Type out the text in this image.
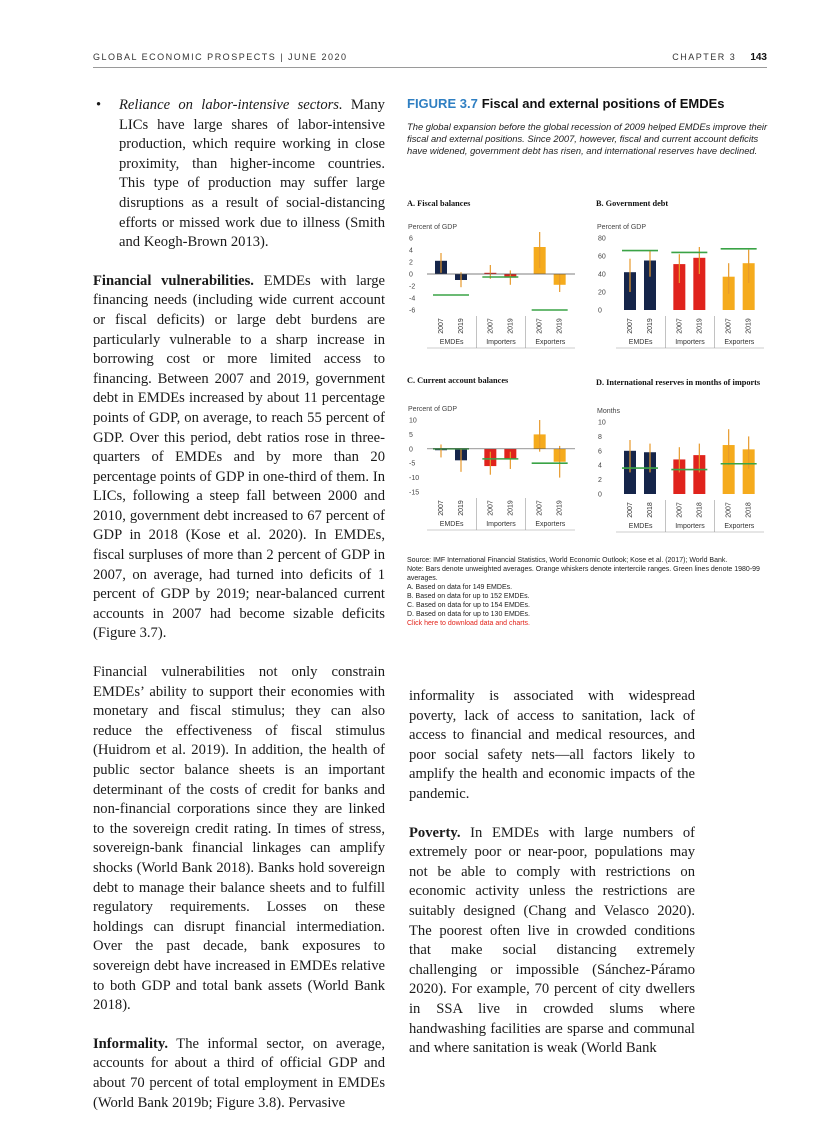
GLOBAL ECONOMIC PROSPECTS | JUNE 2020	CHAPTER 3 143
• Reliance on labor-intensive sectors. Many LICs have large shares of labor-intensive production, which require working in close proximity, than higher-income countries. This type of production may suffer large disruptions as a result of social-distancing efforts or missed work due to illness (Smith and Keogh-Brown 2013).

Financial vulnerabilities. EMDEs with large financing needs (including wide current account or fiscal deficits) or large debt burdens are particularly vulnerable to a sharp increase in borrowing cost or more limited access to financing. Between 2007 and 2019, government debt in EMDEs increased by about 11 percentage points of GDP, on average, to reach 55 percent of GDP. Over this period, debt ratios rose in three-quarters of EMDEs and by more than 20 percentage points of GDP in one-third of them. In LICs, following a steep fall between 2000 and 2010, government debt increased to 67 percent of GDP in 2018 (Kose et al. 2020). In EMDEs, fiscal surpluses of more than 2 percent of GDP in 2007, on average, had turned into deficits of 1 percent of GDP by 2019; near-balanced current accounts in 2007 had become sizable deficits (Figure 3.7).

Financial vulnerabilities not only constrain EMDEs’ ability to support their economies with monetary and fiscal stimulus; they can also reduce the effectiveness of fiscal stimulus (Huidrom et al. 2019). In addition, the health of public sector balance sheets is an important determinant of the costs of credit for banks and non-financial corporations since they are linked to the sovereign credit rating. In times of stress, sovereign-bank financial linkages can amplify shocks (World Bank 2018). Banks hold sovereign debt to manage their balance sheets and to fulfill regulatory requirements. Losses on these holdings can disrupt financial intermediation. Over the past decade, bank exposures to sovereign debt have increased in EMDEs relative to both GDP and total bank assets (World Bank 2018).

Informality. The informal sector, on average, accounts for about a third of official GDP and about 70 percent of total employment in EMDEs (World Bank 2019b; Figure 3.8). Pervasive

FIGURE 3.7 Fiscal and external positions of EMDEs
The global expansion before the global recession of 2009 helped EMDEs improve their fiscal and external positions. Since 2007, however, fiscal and current account deficits have widened, government debt has risen, and international reserves have declined.
A. Fiscal balances	B. Government debt
C. Current account balances	D. International reserves in months of imports
Percent of GDP
6
4
2
0
-2
-4
-6
2007 2019
EMDEs
2007 2019
Importers
2007 2019
Exporters
Percent of GDP
80
60
40
20
0
2007 2019
EMDEs
2007 2019
Importers
2007 2019
Exporters
Percent of GDP
10
5
0
-5
-10
-15
2007 2019
EMDEs
2007 2019
Importers
2007 2019
Exporters
Months
10
8
6
4
2
0
2007 2018
EMDEs
2007 2018
Importers
2007 2018
Exporters
Source: IMF International Financial Statistics, World Economic Outlook; Kose et al. (2017); World Bank.
Note: Bars denote unweighted averages. Orange whiskers denote intertercile ranges. Green lines denote 1980-99 averages.
A. Based on data for 149 EMDEs.
B. Based on data for up to 152 EMDEs.
C. Based on data for up to 154 EMDEs.
D. Based on data for up to 130 EMDEs.
Click here to download data and charts.

informality is associated with widespread poverty, lack of access to sanitation, lack of access to financial and medical resources, and poor social safety nets—all factors likely to amplify the health and economic impacts of the pandemic.

Poverty. In EMDEs with large numbers of extremely poor or near-poor, populations may not be able to comply with restrictions on economic activity unless the restrictions are suitably designed (Chang and Velasco 2020). The poorest often live in crowded conditions that make social distancing extremely challenging or impossible (Sánchez-Páramo 2020). For example, 70 percent of city dwellers in SSA live in crowded slums where handwashing facilities are sparse and communal and where sanitation is weak (World Bank
